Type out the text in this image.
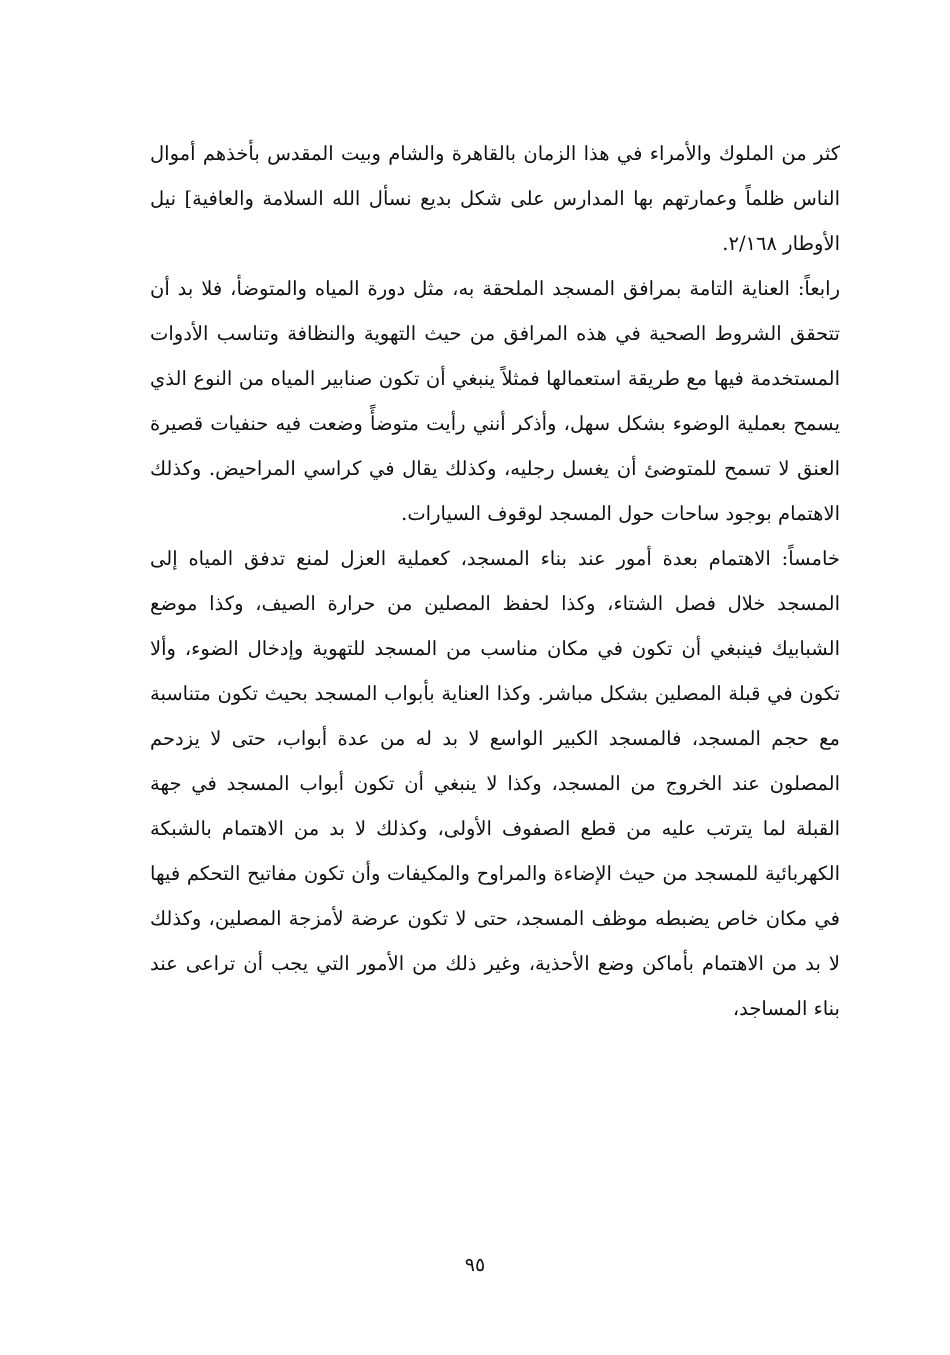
كثر من الملوك والأمراء في هذا الزمان بالقاهرة والشام وبيت المقدس بأخذهم أموال الناس ظلماً وعمارتهم بها المدارس على شكل بديع نسأل الله السلامة والعافية] نيل الأوطار ٢/١٦٨.

رابعاً: العناية التامة بمرافق المسجد الملحقة به، مثل دورة المياه والمتوضأ، فلا بد أن تتحقق الشروط الصحية في هذه المرافق من حيث التهوية والنظافة وتناسب الأدوات المستخدمة فيها مع طريقة استعمالها فمثلاً ينبغي أن تكون صنابير المياه من النوع الذي يسمح بعملية الوضوء بشكل سهل، وأذكر أنني رأيت متوضأً وضعت فيه حنفيات قصيرة العنق لا تسمح للمتوضئ أن يغسل رجليه، وكذلك يقال في كراسي المراحيض. وكذلك الاهتمام بوجود ساحات حول المسجد لوقوف السيارات.

خامساً: الاهتمام بعدة أمور عند بناء المسجد، كعملية العزل لمنع تدفق المياه إلى المسجد خلال فصل الشتاء، وكذا لحفظ المصلين من حرارة الصيف، وكذا موضع الشبابيك فينبغي أن تكون في مكان مناسب من المسجد للتهوية وإدخال الضوء، وألا تكون في قبلة المصلين بشكل مباشر. وكذا العناية بأبواب المسجد بحيث تكون متناسبة مع حجم المسجد، فالمسجد الكبير الواسع لا بد له من عدة أبواب، حتى لا يزدحم المصلون عند الخروج من المسجد، وكذا لا ينبغي أن تكون أبواب المسجد في جهة القبلة لما يترتب عليه من قطع الصفوف الأولى، وكذلك لا بد من الاهتمام بالشبكة الكهربائية للمسجد من حيث الإضاءة والمراوح والمكيفات وأن تكون مفاتيح التحكم فيها في مكان خاص يضبطه موظف المسجد، حتى لا تكون عرضة لأمزجة المصلين، وكذلك لا بد من الاهتمام بأماكن وضع الأحذية، وغير ذلك من الأمور التي يجب أن تراعى عند بناء المساجد،

٩٥
